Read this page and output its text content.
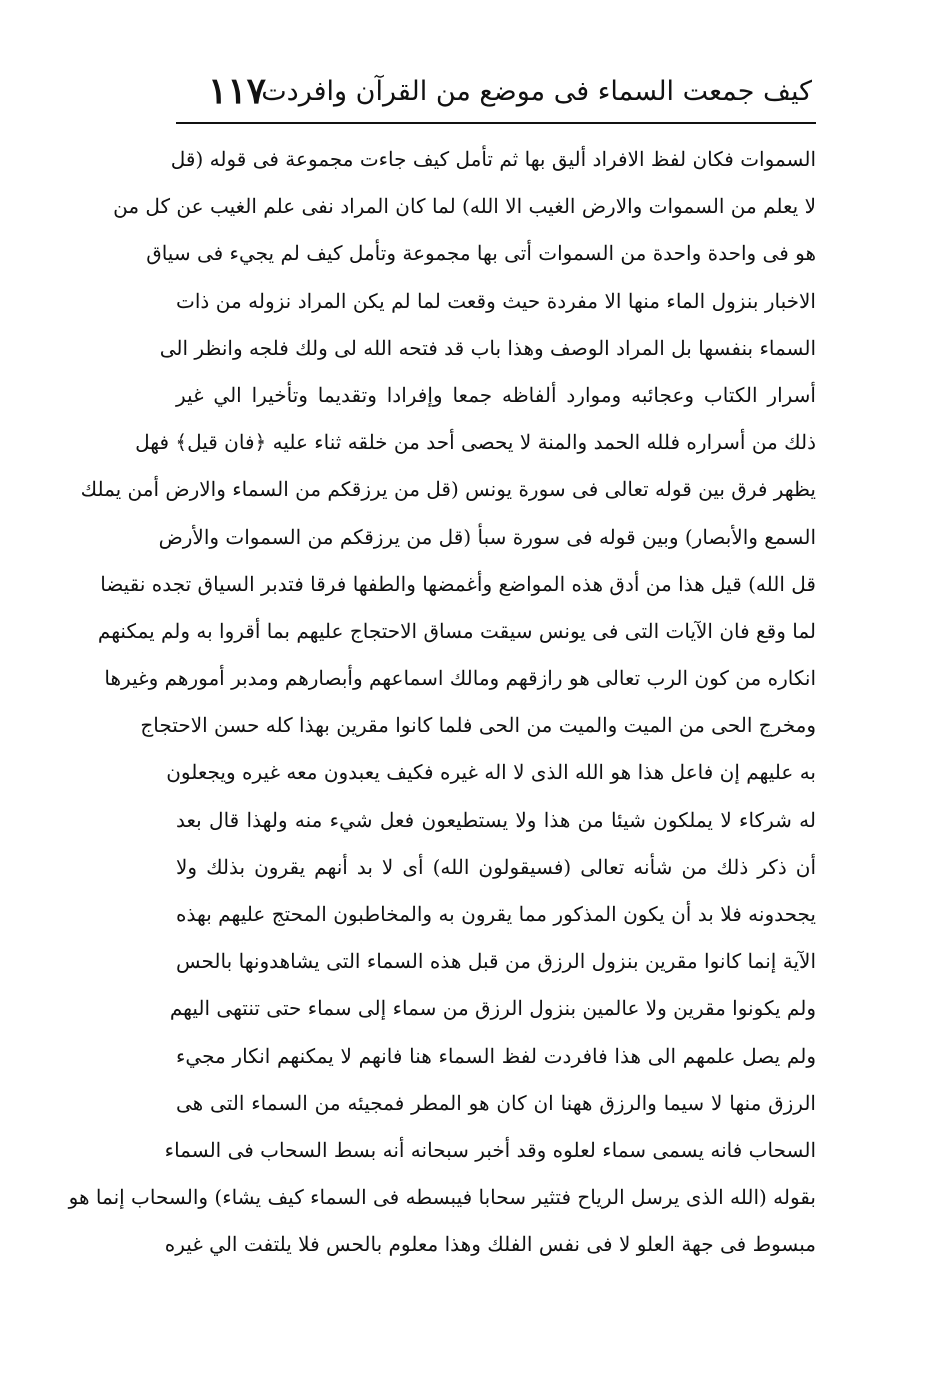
كيف جمعت السماء فى موضع من القرآن وافردت
١١٧
السموات فكان لفظ الافراد أليق بها ثم تأمل كيف جاءت مجموعة فى قوله (قل
لا يعلم من السموات والارض الغيب الا الله) لما كان المراد نفى علم الغيب عن كل من
هو فى واحدة واحدة من السموات أتى بها مجموعة وتأمل كيف لم يجيء فى سياق
الاخبار بنزول الماء منها الا مفردة حيث وقعت لما لم يكن المراد نزوله من ذات
السماء بنفسها بل المراد الوصف وهذا باب قد فتحه الله لى ولك فلجه وانظر الى
أسرار الكتاب وعجائبه وموارد ألفاظه جمعا وإفرادا وتقديما وتأخيرا الي غير
ذلك من أسراره فلله الحمد والمنة لا يحصى أحد من خلقه ثناء عليه ﴿فان قيل﴾ فهل
يظهر فرق بين قوله تعالى فى سورة يونس (قل من يرزقكم من السماء والارض أمن يملك
السمع والأبصار) وبين قوله فى سورة سبأ (قل من يرزقكم من السموات والأرض
قل الله) قيل هذا من أدق هذه المواضع وأغمضها والطفها فرقا فتدبر السياق تجده نقيضا
لما وقع فان الآيات التى فى يونس سيقت مساق الاحتجاج عليهم بما أقروا به ولم يمكنهم
انكاره من كون الرب تعالى هو رازقهم ومالك اسماعهم وأبصارهم ومدبر أمورهم وغيرها
ومخرج الحى من الميت والميت من الحى فلما كانوا مقرين بهذا كله حسن الاحتجاج
به عليهم إن فاعل هذا هو الله الذى لا اله غيره فكيف يعبدون معه غيره ويجعلون
له شركاء لا يملكون شيئا من هذا ولا يستطيعون فعل شيء منه ولهذا قال بعد
أن ذكر ذلك من شأنه تعالى (فسيقولون الله) أى لا بد أنهم يقرون بذلك ولا
يجحدونه فلا بد أن يكون المذكور مما يقرون به والمخاطبون المحتج عليهم بهذه
الآية إنما كانوا مقرين بنزول الرزق من قبل هذه السماء التى يشاهدونها بالحس
ولم يكونوا مقرين ولا عالمين بنزول الرزق من سماء إلى سماء حتى تنتهى اليهم
ولم يصل علمهم الى هذا فافردت لفظ السماء هنا فانهم لا يمكنهم انكار مجيء
الرزق منها لا سيما والرزق ههنا ان كان هو المطر فمجيئه من السماء التى هى
السحاب فانه يسمى سماء لعلوه وقد أخبر سبحانه أنه بسط السحاب فى السماء
بقوله (الله الذى يرسل الرياح فتثير سحابا فيبسطه فى السماء كيف يشاء) والسحاب إنما هو
مبسوط فى جهة العلو لا فى نفس الفلك وهذا معلوم بالحس فلا يلتفت الي غيره
